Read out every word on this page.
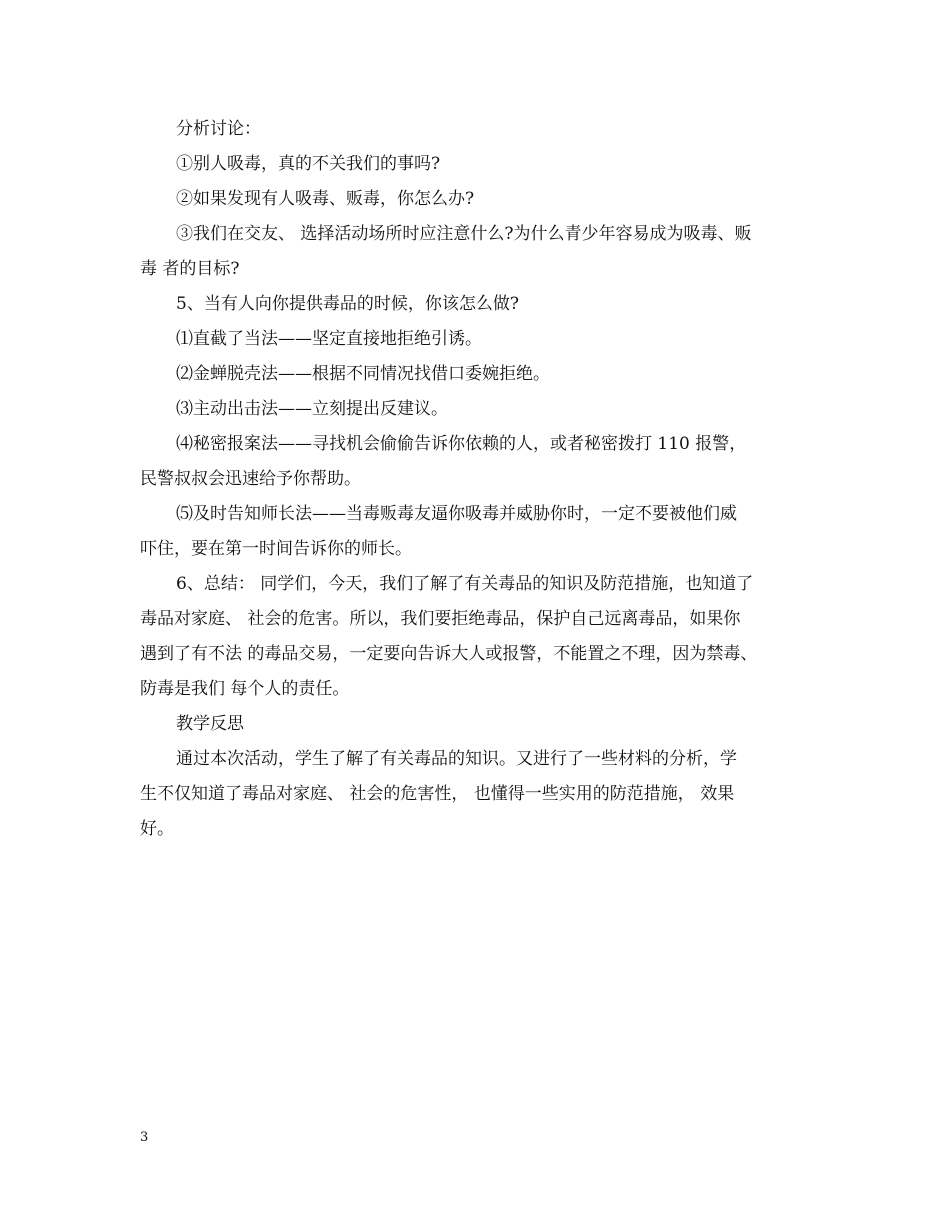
分析讨论：
①别人吸毒，真的不关我们的事吗?
②如果发现有人吸毒、贩毒，你怎么办?
③我们在交友、 选择活动场所时应注意什么?为什么青少年容易成为吸毒、贩
毒 者的目标?
5、当有人向你提供毒品的时候，你该怎么做?
⑴直截了当法——坚定直接地拒绝引诱。
⑵金蝉脱壳法——根据不同情况找借口委婉拒绝。
⑶主动出击法——立刻提出反建议。
⑷秘密报案法——寻找机会偷偷告诉你依赖的人，或者秘密拨打 110 报警，
民警叔叔会迅速给予你帮助。
⑸及时告知师长法——当毒贩毒友逼你吸毒并威胁你时，一定不要被他们威
吓住，要在第一时间告诉你的师长。
6、总结： 同学们，今天，我们了解了有关毒品的知识及防范措施，也知道了
毒品对家庭、 社会的危害。所以，我们要拒绝毒品，保护自己远离毒品，如果你
遇到了有不法 的毒品交易，一定要向告诉大人或报警，不能置之不理，因为禁毒、
防毒是我们 每个人的责任。
教学反思
通过本次活动，学生了解了有关毒品的知识。又进行了一些材料的分析，学
生不仅知道了毒品对家庭、 社会的危害性， 也懂得一些实用的防范措施， 效果
好。
3
